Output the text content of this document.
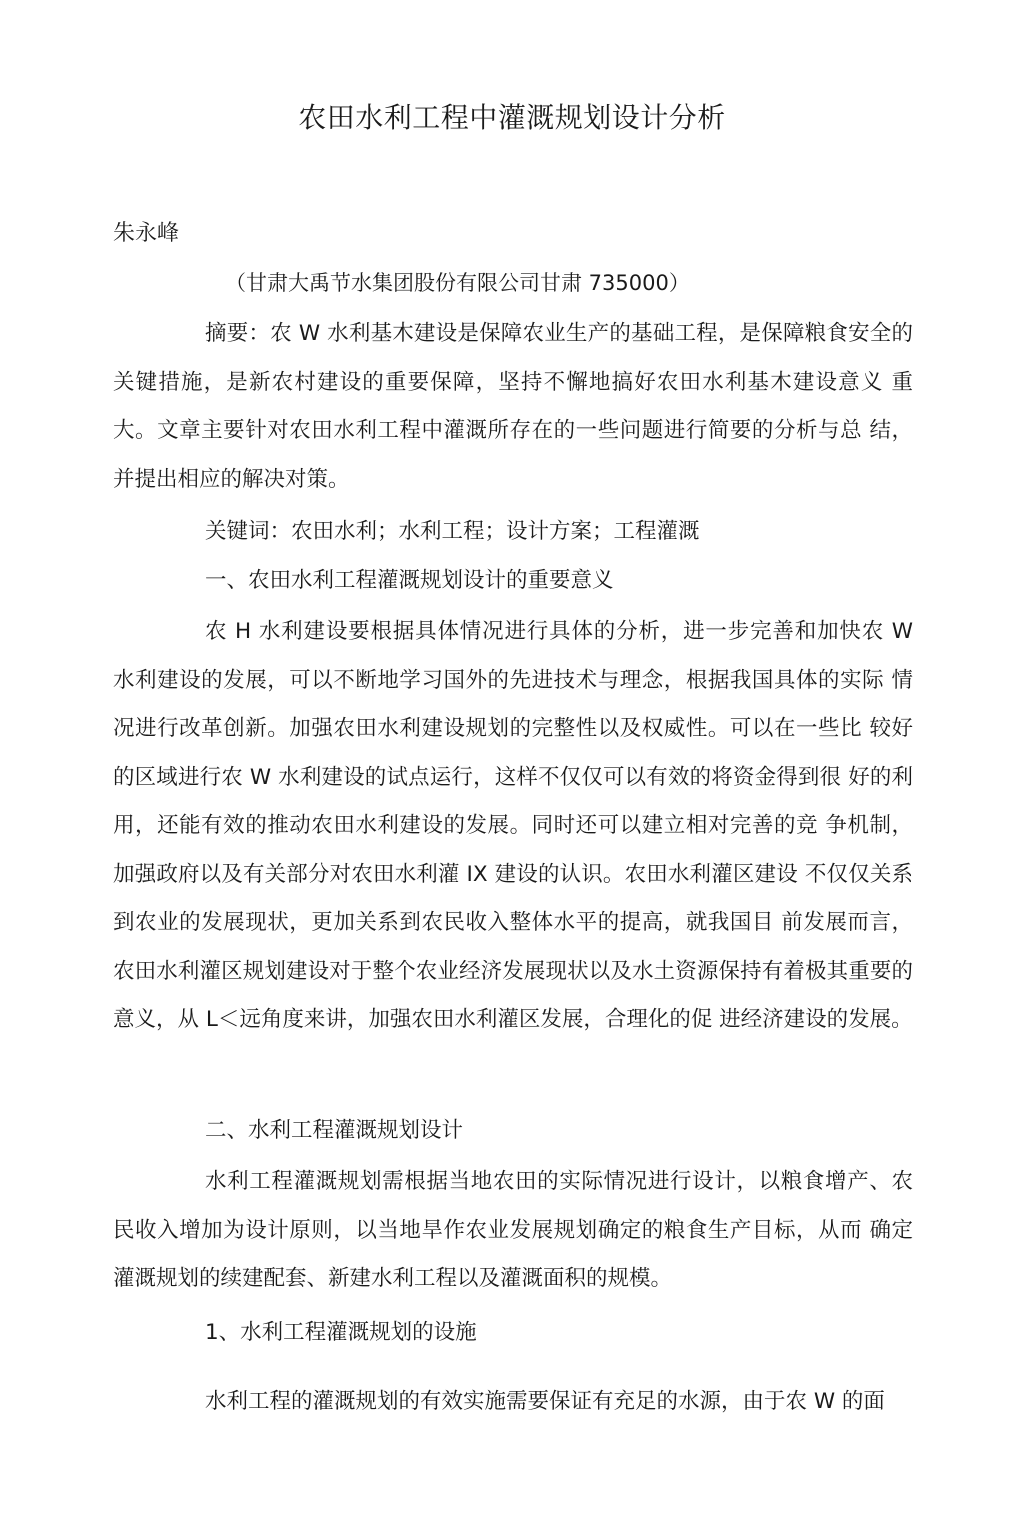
农田水利工程中灌溉规划设计分析
朱永峰
（甘肃大禹节水集团股份有限公司甘肃 735000）

摘要：农 W 水利基木建设是保障农业生产的基础工程，是保障粮食安全的关键措施，是新农村建设的重要保障，坚持不懈地搞好农田水利基木建设意义 重大。文章主要针对农田水利工程中灌溉所存在的一些问题进行简要的分析与总 结，并提出相应的解决对策。

关键词：农田水利；水利工程；设计方案；工程灌溉

一、农田水利工程灌溉规划设计的重要意义

农 H 水利建设要根据具体情况进行具体的分析，进一步完善和加快农 W 水利建设的发展，可以不断地学习国外的先进技术与理念，根据我国具体的实际 情况进行改革创新。加强农田水利建设规划的完整性以及权威性。可以在一些比 较好的区域进行农 W 水利建设的试点运行，这样不仅仅可以有效的将资金得到很 好的利用，还能有效的推动农田水利建设的发展。同时还可以建立相对完善的竞 争机制，加强政府以及有关部分对农田水利灌 IX 建设的认识。农田水利灌区建设 不仅仅关系到农业的发展现状，更加关系到农民收入整体水平的提高，就我国目 前发展而言，农田水利灌区规划建设对于整个农业经济发展现状以及水土资源保持有着极其重要的意义，从 L＜远角度来讲，加强农田水利灌区发展，合理化的促 进经济建设的发展。

二、水利工程灌溉规划设计

水利工程灌溉规划需根据当地农田的实际情况进行设计，以粮食增产、农民收入增加为设计原则，以当地旱作农业发展规划确定的粮食生产目标，从而 确定灌溉规划的续建配套、新建水利工程以及灌溉面积的规模。

1、水利工程灌溉规划的设施

水利工程的灌溉规划的有效实施需要保证有充足的水源，由于农 W 的面
